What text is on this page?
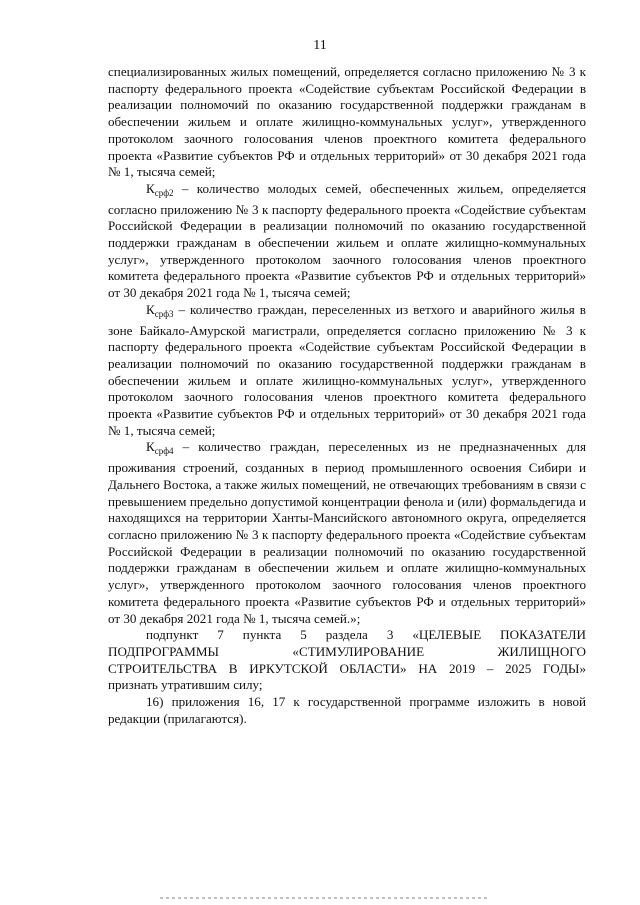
11

специализированных жилых помещений, определяется согласно приложению № 3 к паспорту федерального проекта «Содействие субъектам Российской Федерации в реализации полномочий по оказанию государственной поддержки гражданам в обеспечении жильем и оплате жилищно-коммунальных услуг», утвержденного протоколом заочного голосования членов проектного комитета федерального проекта «Развитие субъектов РФ и отдельных территорий» от 30 декабря 2021 года № 1, тысяча семей;

$К_{срф2}$ – количество молодых семей, обеспеченных жильем, определяется согласно приложению № 3 к паспорту федерального проекта «Содействие субъектам Российской Федерации в реализации полномочий по оказанию государственной поддержки гражданам в обеспечении жильем и оплате жилищно-коммунальных услуг», утвержденного протоколом заочного голосования членов проектного комитета федерального проекта «Развитие субъектов РФ и отдельных территорий» от 30 декабря 2021 года № 1, тысяча семей;

$К_{срф3}$ – количество граждан, переселенных из ветхого и аварийного жилья в зоне Байкало-Амурской магистрали, определяется согласно приложению № 3 к паспорту федерального проекта «Содействие субъектам Российской Федерации в реализации полномочий по оказанию государственной поддержки гражданам в обеспечении жильем и оплате жилищно-коммунальных услуг», утвержденного протоколом заочного голосования членов проектного комитета федерального проекта «Развитие субъектов РФ и отдельных территорий» от 30 декабря 2021 года № 1, тысяча семей;

$К_{срф4}$ – количество граждан, переселенных из не предназначенных для проживания строений, созданных в период промышленного освоения Сибири и Дальнего Востока, а также жилых помещений, не отвечающих требованиям в связи с превышением предельно допустимой концентрации фенола и (или) формальдегида и находящихся на территории Ханты-Мансийского автономного округа, определяется согласно приложению № 3 к паспорту федерального проекта «Содействие субъектам Российской Федерации в реализации полномочий по оказанию государственной поддержки гражданам в обеспечении жильем и оплате жилищно-коммунальных услуг», утвержденного протоколом заочного голосования членов проектного комитета федерального проекта «Развитие субъектов РФ и отдельных территорий» от 30 декабря 2021 года № 1, тысяча семей.»;

подпункт 7 пункта 5 раздела 3 «ЦЕЛЕВЫЕ ПОКАЗАТЕЛИ
ПОДПРОГРАММЫ «СТИМУЛИРОВАНИЕ ЖИЛИЩНОГО
СТРОИТЕЛЬСТВА В ИРКУТСКОЙ ОБЛАСТИ» НА 2019 – 2025 ГОДЫ»
признать утратившим силу;

16) приложения 16, 17 к государственной программе изложить в новой редакции (прилагаются).
